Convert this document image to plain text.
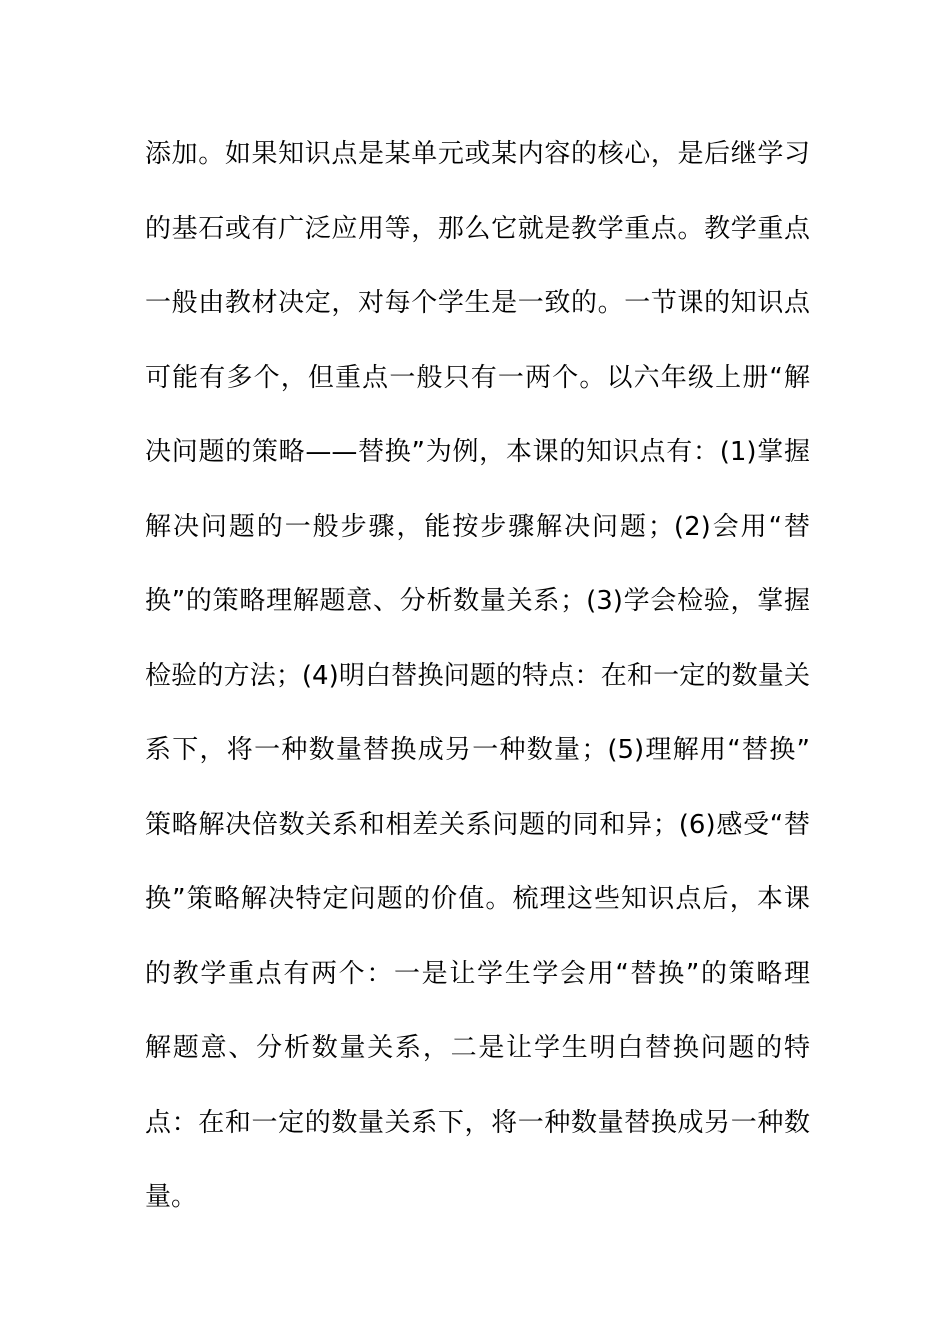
添加。如果知识点是某单元或某内容的核心，是后继学习
的基石或有广泛应用等，那么它就是教学重点。教学重点
一般由教材决定，对每个学生是一致的。一节课的知识点
可能有多个，但重点一般只有一两个。以六年级上册“解
决问题的策略——替换”为例，本课的知识点有：(1)掌握
解决问题的一般步骤，能按步骤解决问题；(2)会用“替
换”的策略理解题意、分析数量关系；(3)学会检验，掌握
检验的方法；(4)明白替换问题的特点：在和一定的数量关
系下，将一种数量替换成另一种数量；(5)理解用“替换”
策略解决倍数关系和相差关系问题的同和异；(6)感受“替
换”策略解决特定问题的价值。梳理这些知识点后，本课
的教学重点有两个：一是让学生学会用“替换”的策略理
解题意、分析数量关系，二是让学生明白替换问题的特
点：在和一定的数量关系下，将一种数量替换成另一种数
量。
